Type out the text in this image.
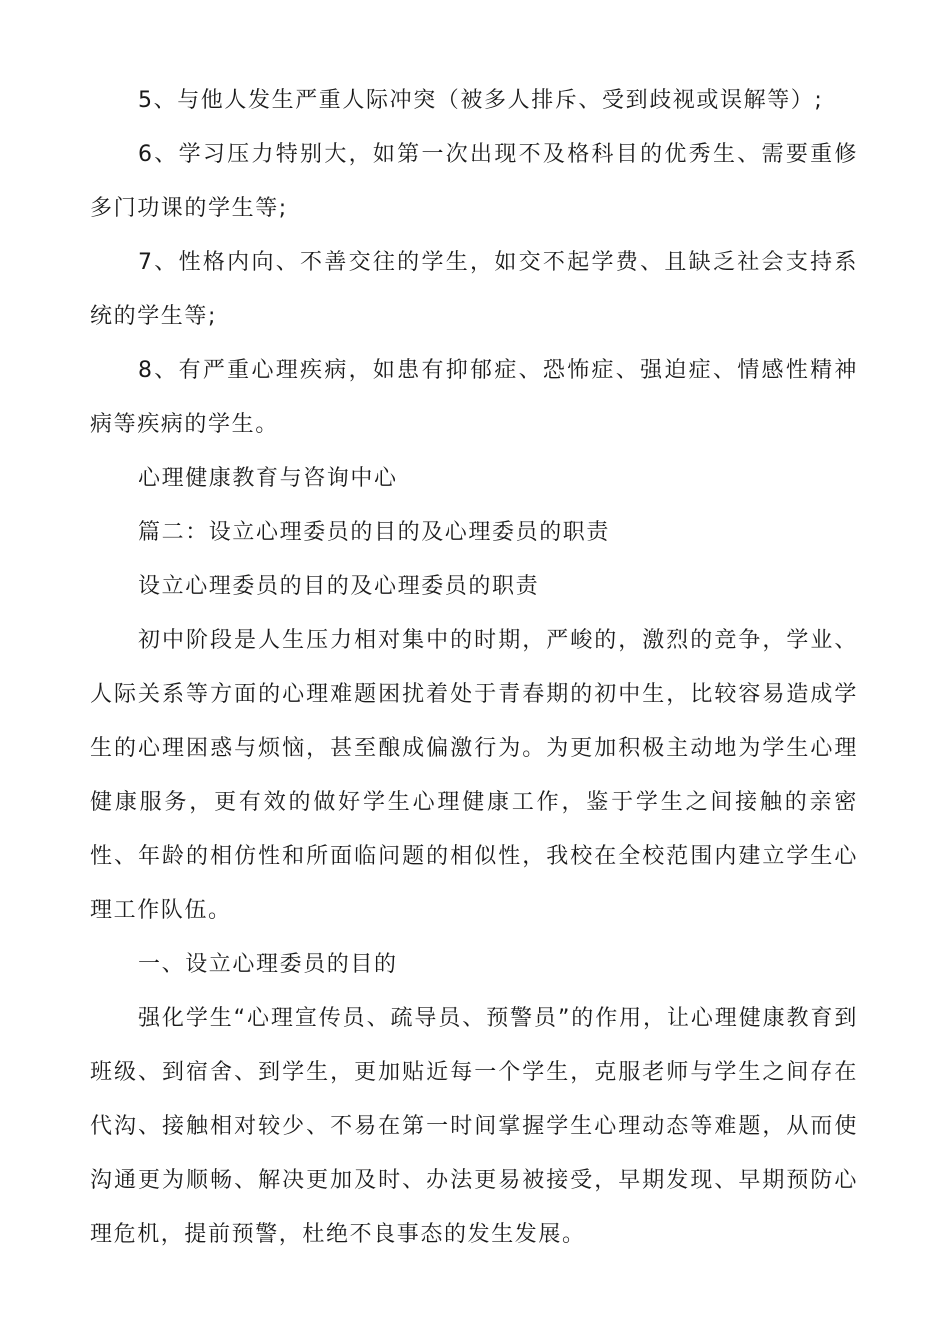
5、与他人发生严重人际冲突（被多人排斥、受到歧视或误解等）;

6、学习压力特别大，如第一次出现不及格科目的优秀生、需要重修多门功课的学生等;

7、性格内向、不善交往的学生，如交不起学费、且缺乏社会支持系统的学生等;

8、有严重心理疾病，如患有抑郁症、恐怖症、强迫症、情感性精神病等疾病的学生。

心理健康教育与咨询中心

篇二：设立心理委员的目的及心理委员的职责

设立心理委员的目的及心理委员的职责

初中阶段是人生压力相对集中的时期，严峻的，激烈的竞争，学业、人际关系等方面的心理难题困扰着处于青春期的初中生，比较容易造成学生的心理困惑与烦恼，甚至酿成偏激行为。为更加积极主动地为学生心理健康服务，更有效的做好学生心理健康工作，鉴于学生之间接触的亲密性、年龄的相仿性和所面临问题的相似性，我校在全校范围内建立学生心理工作队伍。

一、设立心理委员的目的

强化学生“心理宣传员、疏导员、预警员”的作用，让心理健康教育到班级、到宿舍、到学生，更加贴近每一个学生，克服老师与学生之间存在代沟、接触相对较少、不易在第一时间掌握学生心理动态等难题，从而使沟通更为顺畅、解决更加及时、办法更易被接受，早期发现、早期预防心理危机，提前预警，杜绝不良事态的发生发展。
